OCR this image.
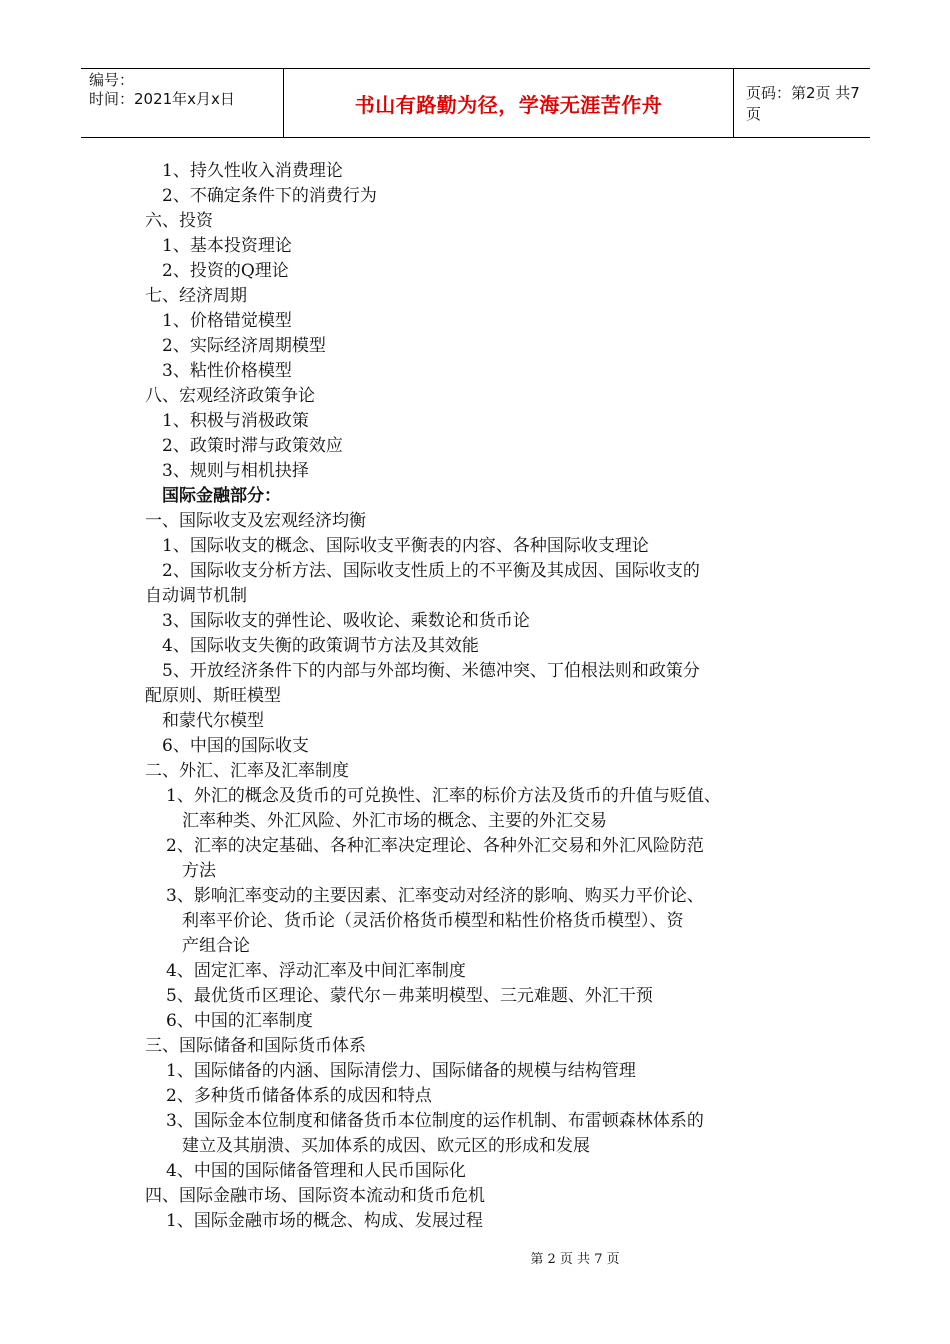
编号：
时间：2021年x月x日	书山有路勤为径，学海无涯苦作舟	页码：第2页 共7页
1、持久性收入消费理论
2、不确定条件下的消费行为
六、投资
1、基本投资理论
2、投资的Q理论
七、经济周期
1、价格错觉模型
2、实际经济周期模型
3、粘性价格模型
八、宏观经济政策争论
1、积极与消极政策
2、政策时滞与政策效应
3、规则与相机抉择
国际金融部分：
一、国际收支及宏观经济均衡
1、国际收支的概念、国际收支平衡表的内容、各种国际收支理论
2、国际收支分析方法、国际收支性质上的不平衡及其成因、国际收支的
自动调节机制
3、国际收支的弹性论、吸收论、乘数论和货币论
4、国际收支失衡的政策调节方法及其效能
5、开放经济条件下的内部与外部均衡、米德冲突、丁伯根法则和政策分
配原则、斯旺模型
和蒙代尔模型
6、中国的国际收支
二、外汇、汇率及汇率制度
1、外汇的概念及货币的可兑换性、汇率的标价方法及货币的升值与贬值、
汇率种类、外汇风险、外汇市场的概念、主要的外汇交易
2、汇率的决定基础、各种汇率决定理论、各种外汇交易和外汇风险防范
方法
3、影响汇率变动的主要因素、汇率变动对经济的影响、购买力平价论、
利率平价论、货币论（灵活价格货币模型和粘性价格货币模型）、资
产组合论
4、固定汇率、浮动汇率及中间汇率制度
5、最优货币区理论、蒙代尔－弗莱明模型、三元难题、外汇干预
6、中国的汇率制度
三、国际储备和国际货币体系
1、国际储备的内涵、国际清偿力、国际储备的规模与结构管理
2、多种货币储备体系的成因和特点
3、国际金本位制度和储备货币本位制度的运作机制、布雷顿森林体系的
建立及其崩溃、买加体系的成因、欧元区的形成和发展
4、中国的国际储备管理和人民币国际化
四、国际金融市场、国际资本流动和货币危机
1、国际金融市场的概念、构成、发展过程
第 2 页 共 7 页
